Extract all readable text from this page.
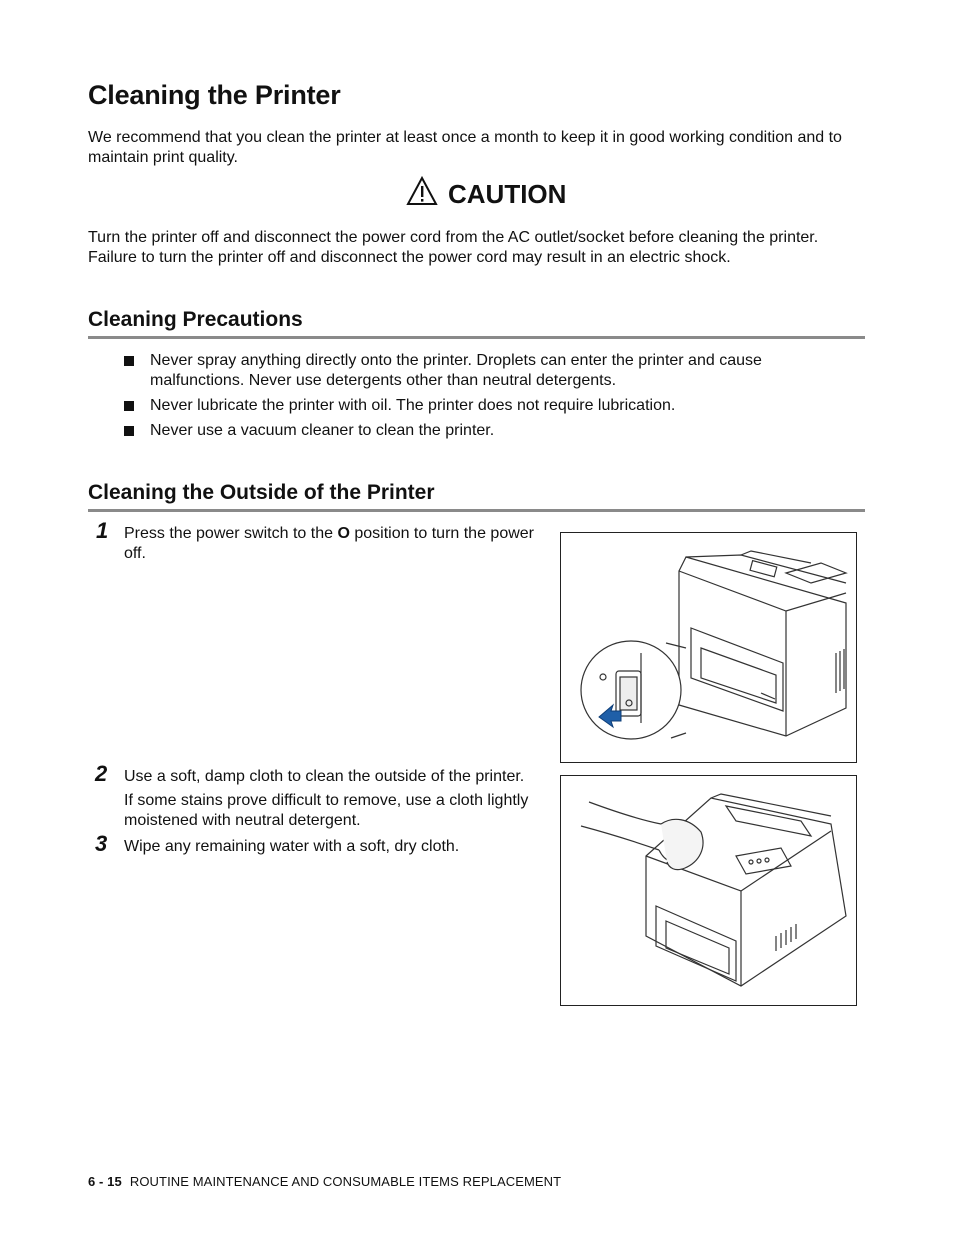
Cleaning the Printer
We recommend that you clean the printer at least once a month to keep it in good working condition and to maintain print quality.
CAUTION
Turn the printer off and disconnect the power cord from the AC outlet/socket before cleaning the printer. Failure to turn the printer off and disconnect the power cord may result in an electric shock.
Cleaning Precautions
Never spray anything directly onto the printer. Droplets can enter the printer and cause malfunctions. Never use detergents other than neutral detergents.
Never lubricate the printer with oil. The printer does not require lubrication.
Never use a vacuum cleaner to clean the printer.
Cleaning the Outside of the Printer
1 Press the power switch to the O position to turn the power off.
2 Use a soft, damp cloth to clean the outside of the printer.
If some stains prove difficult to remove, use a cloth lightly moistened with neutral detergent.
3 Wipe any remaining water with a soft, dry cloth.
6 - 15 ROUTINE MAINTENANCE AND CONSUMABLE ITEMS REPLACEMENT
